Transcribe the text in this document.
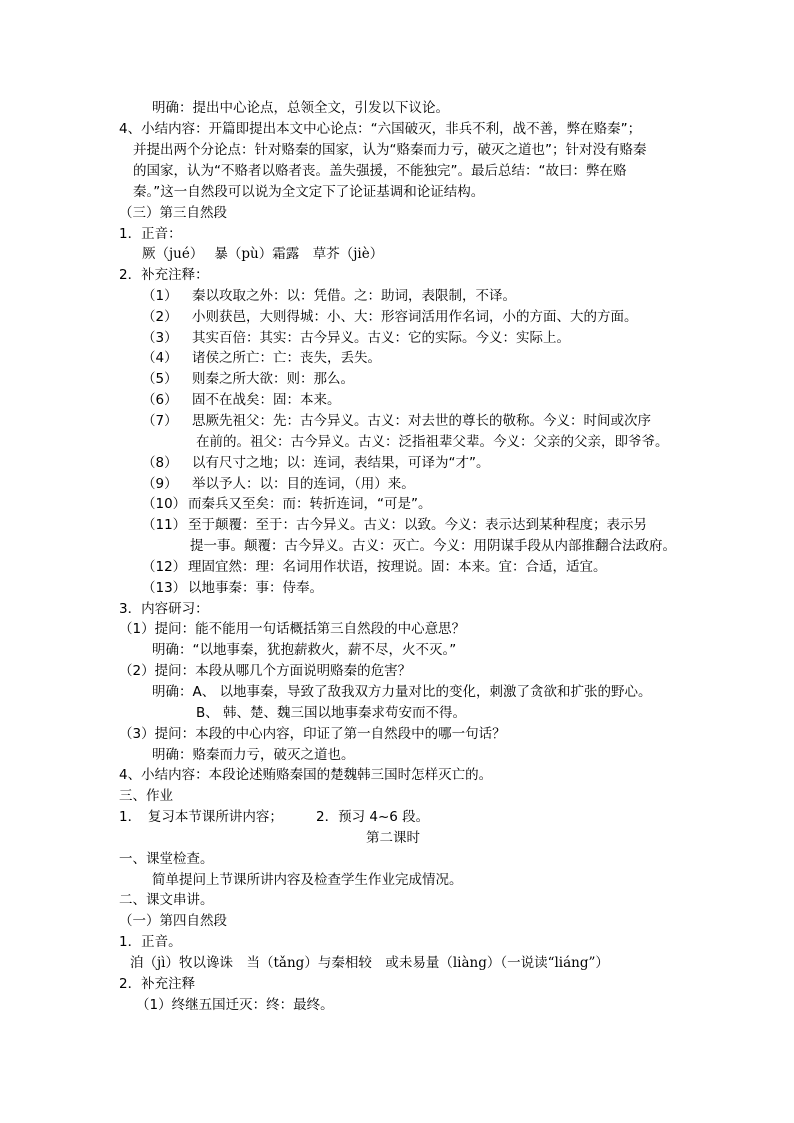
明确：提出中心论点，总领全文，引发以下议论。
4、小结内容：开篇即提出本文中心论点：“六国破灭，非兵不利，战不善，弊在赂秦”；
并提出两个分论点：针对赂秦的国家，认为“赂秦而力亏，破灭之道也”；针对没有赂秦
的国家，认为“不赂者以赂者丧。盖失强援，不能独完”。最后总结：“故曰：弊在赂
秦。”这一自然段可以说为全文定下了论证基调和论证结构。
（三）第三自然段
1．正音：
厥（jué）　 暴（pù）霜露　草芥（jiè）
2．补充注释：
（1） 秦以攻取之外：以：凭借。之：助词，表限制，不译。
（2） 小则获邑，大则得城：小、大：形容词活用作名词，小的方面、大的方面。
（3） 其实百倍：其实：古今异义。古义：它的实际。今义：实际上。
（4） 诸侯之所亡：亡：丧失，丢失。
（5） 则秦之所大欲：则：那么。
（6） 固不在战矣：固：本来。
（7） 思厥先祖父：先：古今异义。古义：对去世的尊长的敬称。今义：时间或次序
在前的。祖父：古今异义。古义：泛指祖辈父辈。今义：父亲的父亲，即爷爷。
（8） 以有尺寸之地；以：连词，表结果，可译为“才”。
（9） 举以予人：以：目的连词，（用）来。
（10） 而秦兵又至矣：而：转折连词，“可是”。
（11） 至于颠覆：至于：古今异义。古义：以致。今义：表示达到某种程度；表示另
提一事。颠覆：古今异义。古义：灭亡。今义：用阴谋手段从内部推翻合法政府。
（12） 理固宜然：理：名词用作状语，按理说。固：本来。宜：合适，适宜。
（13） 以地事秦：事：侍奉。
3．内容研习：
（1）提问：能不能用一句话概括第三自然段的中心意思？
明确：“以地事秦，犹抱薪救火，薪不尽，火不灭。”
（2）提问：本段从哪几个方面说明赂秦的危害？
明确：A、 以地事秦，导致了敌我双方力量对比的变化，刺激了贪欲和扩张的野心。
B、 韩、楚、魏三国以地事秦求苟安而不得。
（3）提问：本段的中心内容，印证了第一自然段中的哪一句话？
明确：赂秦而力亏，破灭之道也。
4、小结内容：本段论述贿赂秦国的楚魏韩三国时怎样灭亡的。
三、作业
1．　复习本节课所讲内容； 2．预习 4~6 段。
第二课时
一、课堂检查。
简单提问上节课所讲内容及检查学生作业完成情况。
二、课文串讲。
（一）第四自然段
1．正音。
洎（jì）牧以谗诛　当（tǎng）与秦相较　或未易量（liàng）（一说读“liáng”）
2．补充注释
（1）终继五国迁灭：终：最终。
